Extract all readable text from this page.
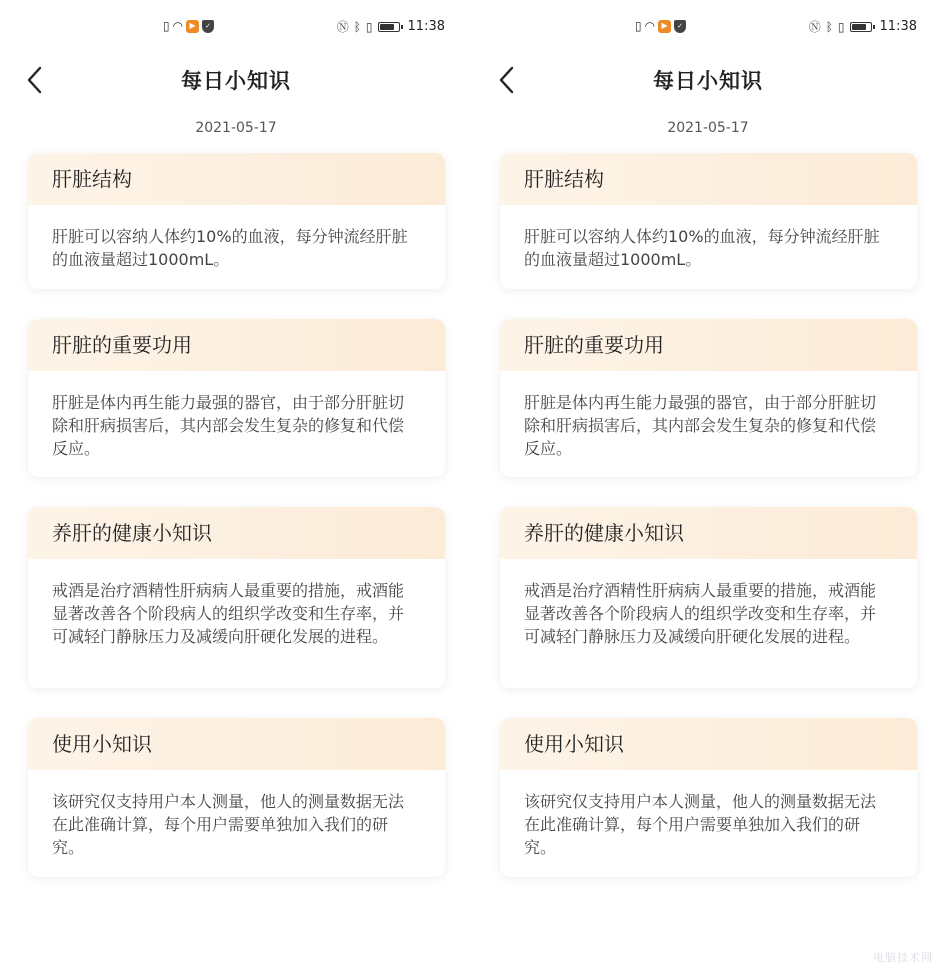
▯ ◠ ▶	✓	Ⓝ ᛒ ▯	11:38
每日小知识
2021-05-17
肝脏结构
肝脏可以容纳人体约10%的血液，每分钟流经肝脏的血液量超过1000mL。
肝脏的重要功用
肝脏是体内再生能力最强的器官，由于部分肝脏切除和肝病损害后，其内部会发生复杂的修复和代偿反应。
养肝的健康小知识
戒酒是治疗酒精性肝病病人最重要的措施，戒酒能显著改善各个阶段病人的组织学改变和生存率，并可减轻门静脉压力及减缓向肝硬化发展的进程。
使用小知识
该研究仅支持用户本人测量，他人的测量数据无法在此准确计算，每个用户需要单独加入我们的研究。
▯ ◠ ▶	✓	Ⓝ ᛒ ▯	11:38
每日小知识
2021-05-17
肝脏结构
肝脏可以容纳人体约10%的血液，每分钟流经肝脏的血液量超过1000mL。
肝脏的重要功用
肝脏是体内再生能力最强的器官，由于部分肝脏切除和肝病损害后，其内部会发生复杂的修复和代偿反应。
养肝的健康小知识
戒酒是治疗酒精性肝病病人最重要的措施，戒酒能显著改善各个阶段病人的组织学改变和生存率，并可减轻门静脉压力及减缓向肝硬化发展的进程。
使用小知识
该研究仅支持用户本人测量，他人的测量数据无法在此准确计算，每个用户需要单独加入我们的研究。
电脑技术网
